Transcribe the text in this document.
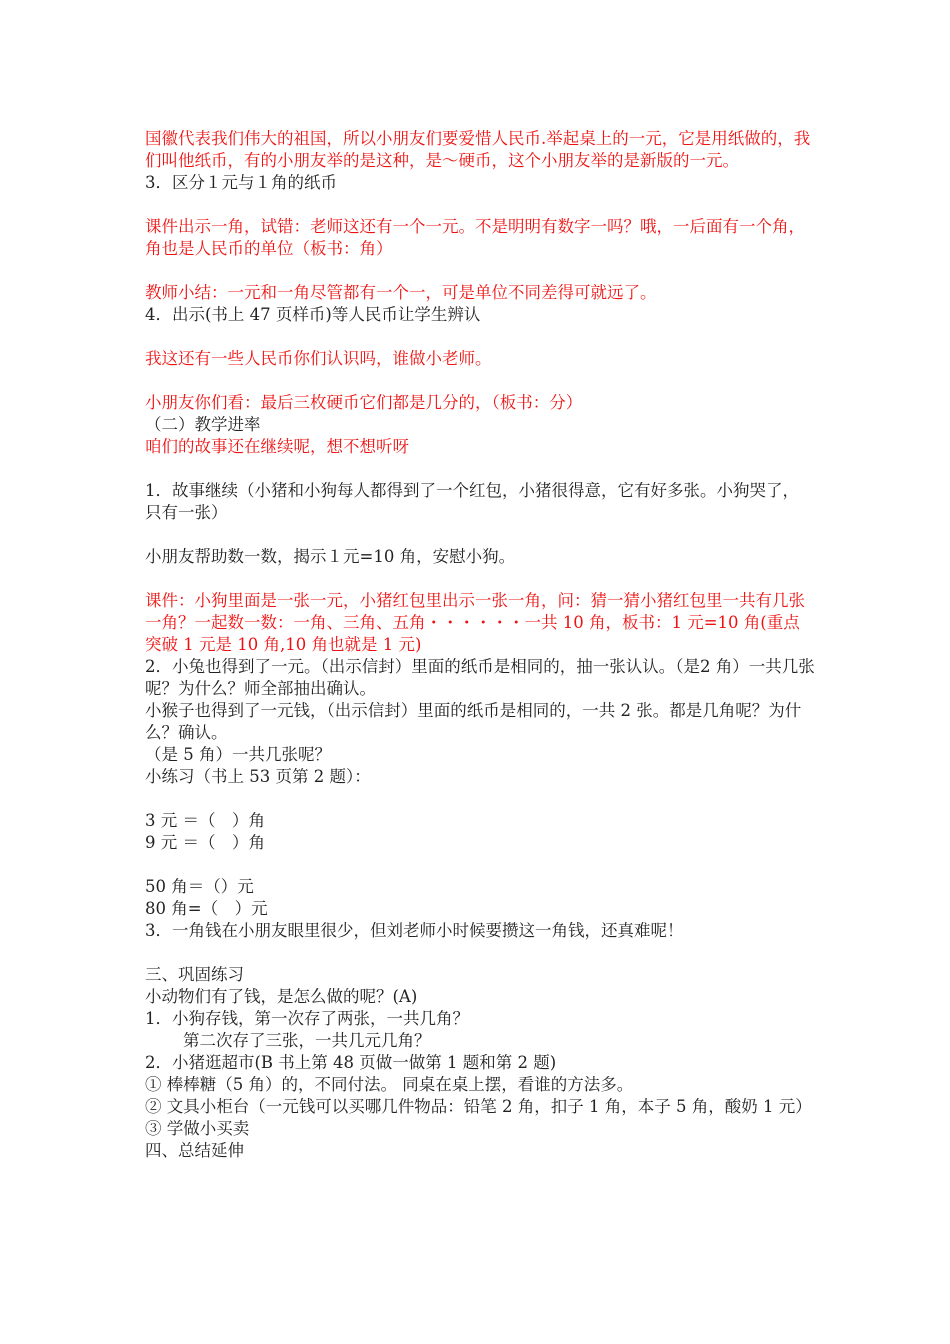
国徽代表我们伟大的祖国，所以小朋友们要爱惜人民币.举起桌上的一元，它是用纸做的，我们叫他纸币，有的小朋友举的是这种，是～硬币，这个小朋友举的是新版的一元。
3．区分１元与１角的纸币
课件出示一角，试错：老师这还有一个一元。不是明明有数字一吗？哦，一后面有一个角，角也是人民币的单位（板书：角）
教师小结：一元和一角尽管都有一个一，可是单位不同差得可就远了。
4．出示(书上 47 页样币)等人民币让学生辨认
我这还有一些人民币你们认识吗，谁做小老师。
小朋友你们看：最后三枚硬币它们都是几分的，（板书：分）
（二）教学进率
咱们的故事还在继续呢，想不想听呀
1．故事继续（小猪和小狗每人都得到了一个红包，小猪很得意，它有好多张。小狗哭了，只有一张）
小朋友帮助数一数，揭示１元=10 角，安慰小狗。
课件：小狗里面是一张一元，小猪红包里出示一张一角，问：猜一猜小猪红包里一共有几张一角？一起数一数：一角、三角、五角・・・・・・一共 10 角，板书：1 元=10 角(重点突破 1 元是 10 角,10 角也就是 1 元)
2．小兔也得到了一元。（出示信封）里面的纸币是相同的，抽一张认认。（是2 角）一共几张呢？为什么？师全部抽出确认。
小猴子也得到了一元钱，（出示信封）里面的纸币是相同的，一共 2 张。都是几角呢？为什么？确认。
（是 5 角）一共几张呢？
小练习（书上 53 页第 2 题）：
3 元 ＝（　）角
9 元 ＝（　）角
50 角＝（）元
80 角=（　）元
3．一角钱在小朋友眼里很少，但刘老师小时候要攒这一角钱，还真难呢！
三、巩固练习
小动物们有了钱，是怎么做的呢？(A)
1．小狗存钱，第一次存了两张，一共几角？
第二次存了三张，一共几元几角？
2．小猪逛超市(B 书上第 48 页做一做第 1 题和第 2 题)
① 棒棒糖（5 角）的，不同付法。 同桌在桌上摆，看谁的方法多。
② 文具小柜台（一元钱可以买哪几件物品：铅笔 2 角，扣子 1 角，本子 5 角，酸奶 1 元）
③ 学做小买卖
四、总结延伸
